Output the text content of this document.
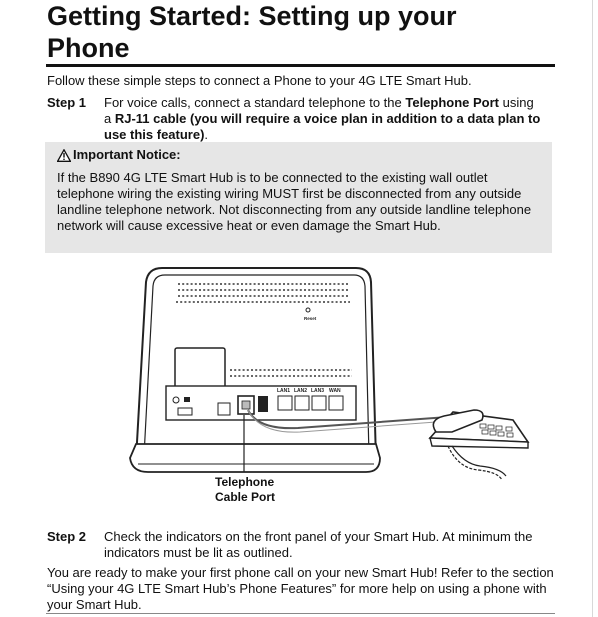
Getting Started: Setting up your
Phone
Follow these simple steps to connect a Phone to your 4G LTE Smart Hub.
Step 1 For voice calls, connect a standard telephone to the Telephone Port using a RJ-11 cable (you will require a voice plan in addition to a data plan to use this feature).
Important Notice:
If the B890 4G LTE Smart Hub is to be connected to the existing wall outlet telephone wiring the existing wiring MUST first be disconnected from any outside landline telephone network. Not disconnecting from any outside landline telephone network will cause excessive heat or even damage the Smart Hub.
Reset
LAN1 LAN2 LAN3 WAN
Telephone
Cable Port
Step 2 Check the indicators on the front panel of your Smart Hub. At minimum the indicators must be lit as outlined.
You are ready to make your first phone call on your new Smart Hub! Refer to the section “Using your 4G LTE Smart Hub’s Phone Features” for more help on using a phone with your Smart Hub.
